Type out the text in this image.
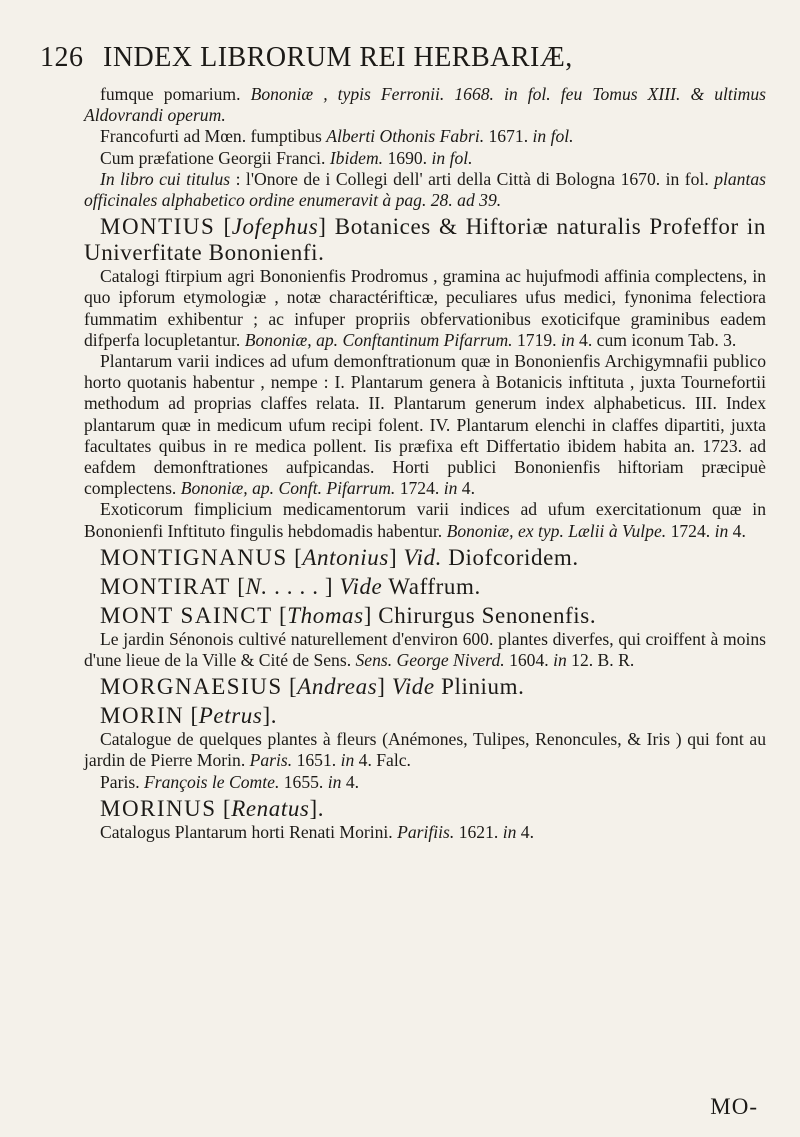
126 INDEX LIBRORUM REI HERBARIÆ,

fumque pomarium. Bononiæ , typis Ferronii. 1668. in fol. feu Tomus XIII. & ultimus Aldovrandi operum.

Francofurti ad Mœn. fumptibus Alberti Othonis Fabri. 1671. in fol.

Cum præfatione Georgii Franci. Ibidem. 1690. in fol.

In libro cui titulus : l'Onore de i Collegi dell' arti della Città di Bologna 1670. in fol. plantas officinales alphabetico ordine enumeravit à pag. 28. ad 39.

MONTIUS [Jofephus] Botanices & Hiftoriæ naturalis Profeffor in Univerfitate Bononienfi.

Catalogi ftirpium agri Bononienfis Prodromus , gramina ac hujufmodi affinia complectens, in quo ipforum etymologiæ , notæ charactérifticæ, peculiares ufus medici, fynonima felectiora fummatim exhibentur ; ac infuper propriis obfervationibus exoticifque graminibus eadem difperfa locupletantur. Bononiæ, ap. Conftantinum Pifarrum. 1719. in 4. cum iconum Tab. 3.

Plantarum varii indices ad ufum demonftrationum quæ in Bononienfis Archigymnafii publico horto quotanis habentur , nempe : I. Plantarum genera à Botanicis inftituta , juxta Tournefortii methodum ad proprias claffes relata. II. Plantarum generum index alphabeticus. III. Index plantarum quæ in medicum ufum recipi folent. IV. Plantarum elenchi in claffes dipartiti, juxta facultates quibus in re medica pollent. Iis præfixa eft Differtatio ibidem habita an. 1723. ad eafdem demonftrationes aufpicandas. Horti publici Bononienfis hiftoriam præcipuè complectens. Bononiæ, ap. Conft. Pifarrum. 1724. in 4.

Exoticorum fimplicium medicamentorum varii indices ad ufum exercitationum quæ in Bononienfi Inftituto fingulis hebdomadis habentur. Bononiæ, ex typ. Lælii à Vulpe. 1724. in 4.

MONTIGNANUS [Antonius] Vid. Diofcoridem.

MONTIRAT [N. . . . . ] Vide Waffrum.

MONT SAINCT [Thomas] Chirurgus Senonenfis.

Le jardin Sénonois cultivé naturellement d'environ 600. plantes diverfes, qui croiffent à moins d'une lieue de la Ville & Cité de Sens. Sens. George Niverd. 1604. in 12. B. R.

MORGNAESIUS [Andreas] Vide Plinium.

MORIN [Petrus].

Catalogue de quelques plantes à fleurs (Anémones, Tulipes, Renoncules, & Iris ) qui font au jardin de Pierre Morin. Paris. 1651. in 4. Falc.

Paris. François le Comte. 1655. in 4.

MORINUS [Renatus].

Catalogus Plantarum horti Renati Morini. Parifiis. 1621. in 4.

MO-
